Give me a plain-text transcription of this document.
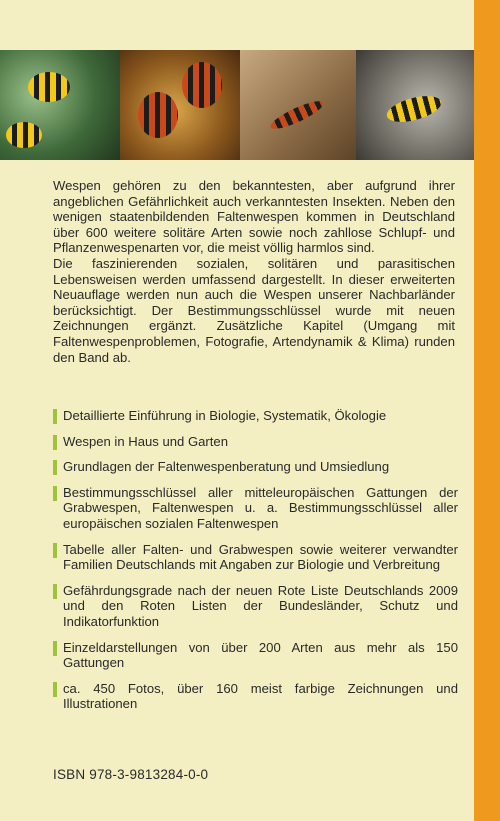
Wespen gehören zu den bekanntesten, aber aufgrund ihrer angeblichen Gefährlichkeit auch verkanntesten Insekten. Neben den wenigen staatenbildenden Faltenwespen kommen in Deutschland über 600 weitere solitäre Arten sowie noch zahllose Schlupf- und Pflanzenwespenarten vor, die meist völlig harmlos sind.

Die faszinierenden sozialen, solitären und parasitischen Lebensweisen werden umfassend dargestellt. In dieser erweiterten Neuauflage werden nun auch die Wespen unserer Nachbarländer berücksichtigt. Der Bestimmungsschlüssel wurde mit neuen Zeichnungen ergänzt. Zusätzliche Kapitel (Umgang mit Faltenwespenproblemen, Fotografie, Artendynamik & Klima) runden den Band ab.

Detaillierte Einführung in Biologie, Systematik, Ökologie
Wespen in Haus und Garten
Grundlagen der Faltenwespenberatung und Umsiedlung
Bestimmungsschlüssel aller mitteleuropäischen Gattungen der Grabwespen, Faltenwespen u. a. Bestimmungsschlüssel aller europäischen sozialen Faltenwespen
Tabelle aller Falten- und Grabwespen sowie weiterer verwandter Familien Deutschlands mit Angaben zur Biologie und Verbreitung
Gefährdungsgrade nach der neuen Rote Liste Deutschlands 2009 und den Roten Listen der Bundesländer, Schutz und Indikatorfunktion
Einzeldarstellungen von über 200 Arten aus mehr als 150 Gattungen
ca. 450 Fotos, über 160 meist farbige Zeichnungen und Illustrationen
ISBN 978-3-9813284-0-0
